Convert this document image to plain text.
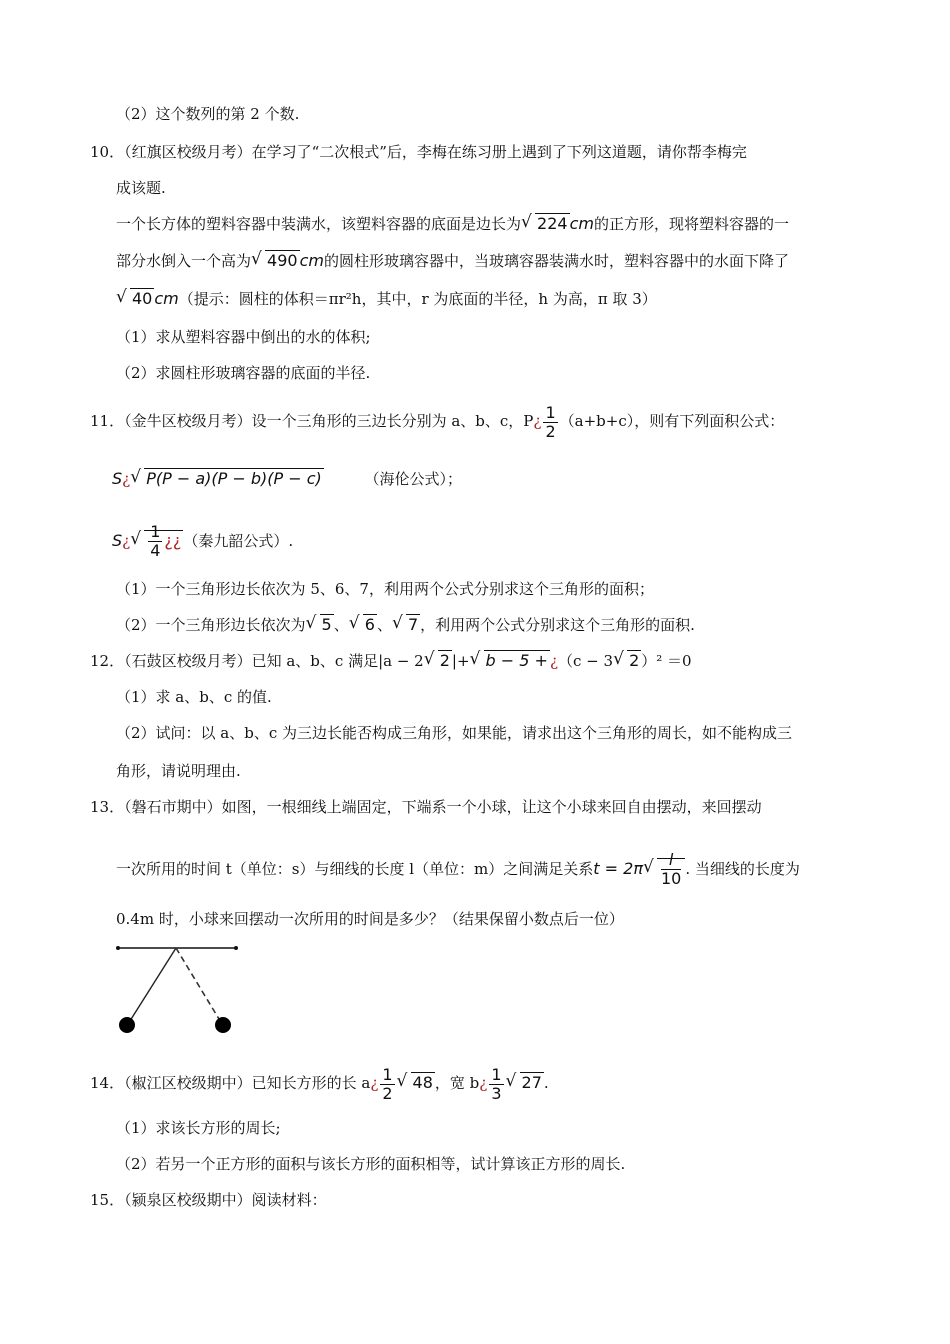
（2）这个数列的第 2 个数.
10．（红旗区校级月考）在学习了“二次根式”后，李梅在练习册上遇到了下列这道题，请你帮李梅完
成该题.
一个长方体的塑料容器中装满水，该塑料容器的底面是边长为 √ 224 cm的正方形，现将塑料容器的一
部分水倒入一个高为 √ 490 cm的圆柱形玻璃容器中，当玻璃容器装满水时，塑料容器中的水面下降了
√ 40 cm（提示：圆柱的体积＝πr²h，其中，r 为底面的半径，h 为高，π 取 3）
（1）求从塑料容器中倒出的水的体积;
（2）求圆柱形玻璃容器的底面的半径.
11．（金牛区校级月考）设一个三角形的三边长分别为 a、b、c，P¿ $\frac{1}{2} (a+b+c)$，则有下列面积公式：
S¿ √ P(P − a)(P − b)(P − c)	（海伦公式）；
S¿ √ $\frac{1}{4}$ ¿¿ （秦九韶公式）.
（1）一个三角形边长依次为 5、6、7，利用两个公式分别求这个三角形的面积；
（2）一个三角形边长依次为 √ 5 、 √ 6 、 √ 7 ，利用两个公式分别求这个三角形的面积.
12．（石鼓区校级月考）已知 a、b、c 满足|a − 2 √ 2 |+ √ b − 5 + ¿（c − 3 √ 2 ）² ＝0
（1）求 a、b、c 的值.
（2）试问：以 a、b、c 为三边长能否构成三角形，如果能，请求出这个三角形的周长，如不能构成三
角形，请说明理由.
13．（磐石市期中）如图，一根细线上端固定，下端系一个小球，让这个小球来回自由摆动，来回摆动
一次所用的时间 t（单位：s）与细线的长度 l（单位：m）之间满足关系t = 2π √ $\frac{l}{10}$ . 当细线的长度为
0.4m 时，小球来回摆动一次所用的时间是多少？（结果保留小数点后一位）
14．（椒江区校级期中）已知长方形的长 a¿ $\frac{1}{2}$ √ 48 ，宽 b¿ $\frac{1}{3}$ √ 27 .
（1）求该长方形的周长;
（2）若另一个正方形的面积与该长方形的面积相等，试计算该正方形的周长.
15．（颍泉区校级期中）阅读材料：
